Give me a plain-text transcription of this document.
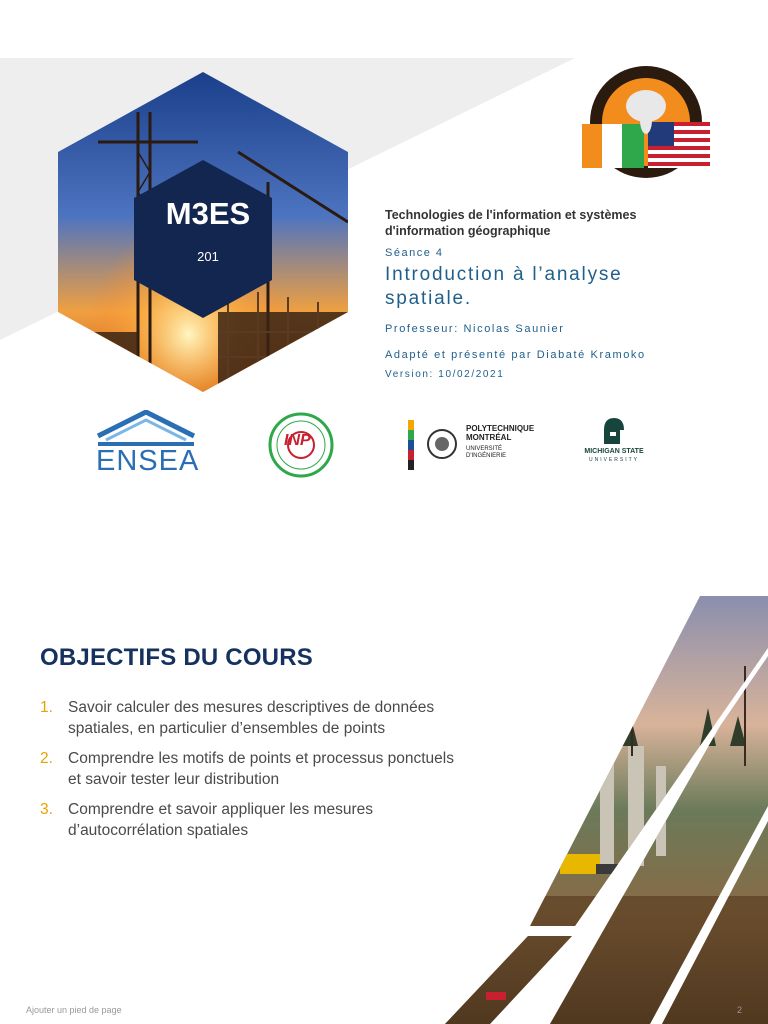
M3ES
201
Technologies de l'information et systèmes
d'information géographique
Séance 4
Introduction à l’analyse
spatiale.
Professeur: Nicolas Saunier
Adapté et présenté par Diabaté Kramoko
Version: 10/02/2021
ENSEA
INP
POLYTECHNIQUE
MONTRÉAL
UNIVERSITÉ
D'INGÉNIERIE
MICHIGAN STATE
UNIVERSITY
OBJECTIFS DU COURS
1. Savoir calculer des mesures descriptives de données spatiales, en particulier d’ensembles de points
2. Comprendre les motifs de points et processus ponctuels et savoir tester leur distribution
3. Comprendre et savoir appliquer les mesures d’autocorrélation spatiales
Ajouter un pied de page	2
